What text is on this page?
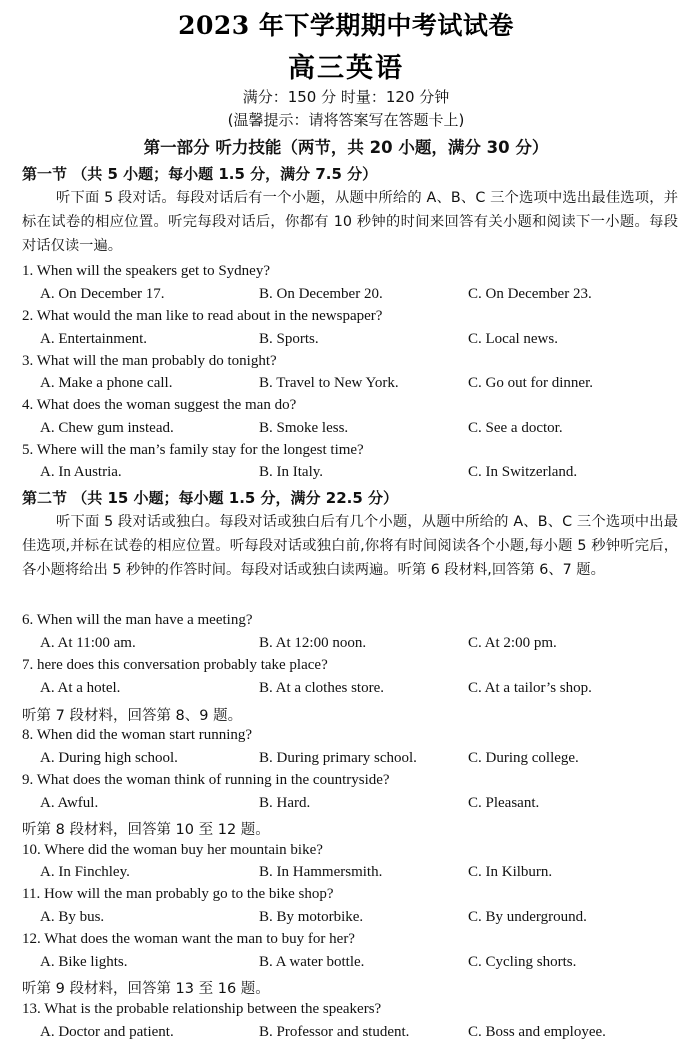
2023 年下学期期中考试试卷
高三英语
满分：150 分 时量：120 分钟
(温馨提示：请将答案写在答题卡上)
第一部分 听力技能（两节，共 20 小题，满分 30 分）
第一节 （共 5 小题；每小题 1.5 分，满分 7.5 分）
听下面 5 段对话。每段对话后有一个小题，从题中所给的 A、B、C 三个选项中选出最佳选项，并标在试卷的相应位置。听完每段对话后，你都有 10 秒钟的时间来回答有关小题和阅读下一小题。每段对话仅读一遍。
1. When will the speakers get to Sydney?
A. On December 17.	B. On December 20.	C. On December 23.
2. What would the man like to read about in the newspaper?
A. Entertainment.	B. Sports.	C. Local news.
3. What will the man probably do tonight?
A. Make a phone call.	B. Travel to New York.	C. Go out for dinner.
4. What does the woman suggest the man do?
A. Chew gum instead.	B. Smoke less.	C. See a doctor.
5. Where will the man’s family stay for the longest time?
A. In Austria.	B. In Italy.	C. In Switzerland.
第二节 （共 15 小题；每小题 1.5 分，满分 22.5 分）
听下面 5 段对话或独白。每段对话或独白后有几个小题，从题中所给的 A、B、C 三个选项中出最佳选项,并标在试卷的相应位置。听每段对话或独白前,你将有时间阅读各个小题,每小题 5 秒钟听完后，各小题将给出 5 秒钟的作答时间。每段对话或独白读两遍。听第 6 段材料,回答第 6、7 题。
6. When will the man have a meeting?
A. At 11:00 am.	B. At 12:00 noon.	C. At 2:00 pm.
7. here does this conversation probably take place?
A. At a hotel.	B. At a clothes store.	C. At a tailor’s shop.
听第 7 段材料，回答第 8、9 题。
8. When did the woman start running?
A. During high school.	B. During primary school.	C. During college.
9. What does the woman think of running in the countryside?
A. Awful.	B. Hard.	C. Pleasant.
听第 8 段材料，回答第 10 至 12 题。
10. Where did the woman buy her mountain bike?
A. In Finchley.	B. In Hammersmith.	C. In Kilburn.
11. How will the man probably go to the bike shop?
A. By bus.	B. By motorbike.	C. By underground.
12. What does the woman want the man to buy for her?
A. Bike lights.	B. A water bottle.	C. Cycling shorts.
听第 9 段材料，回答第 13 至 16 题。
13. What is the probable relationship between the speakers?
A. Doctor and patient.	B. Professor and student.	C. Boss and employee.
